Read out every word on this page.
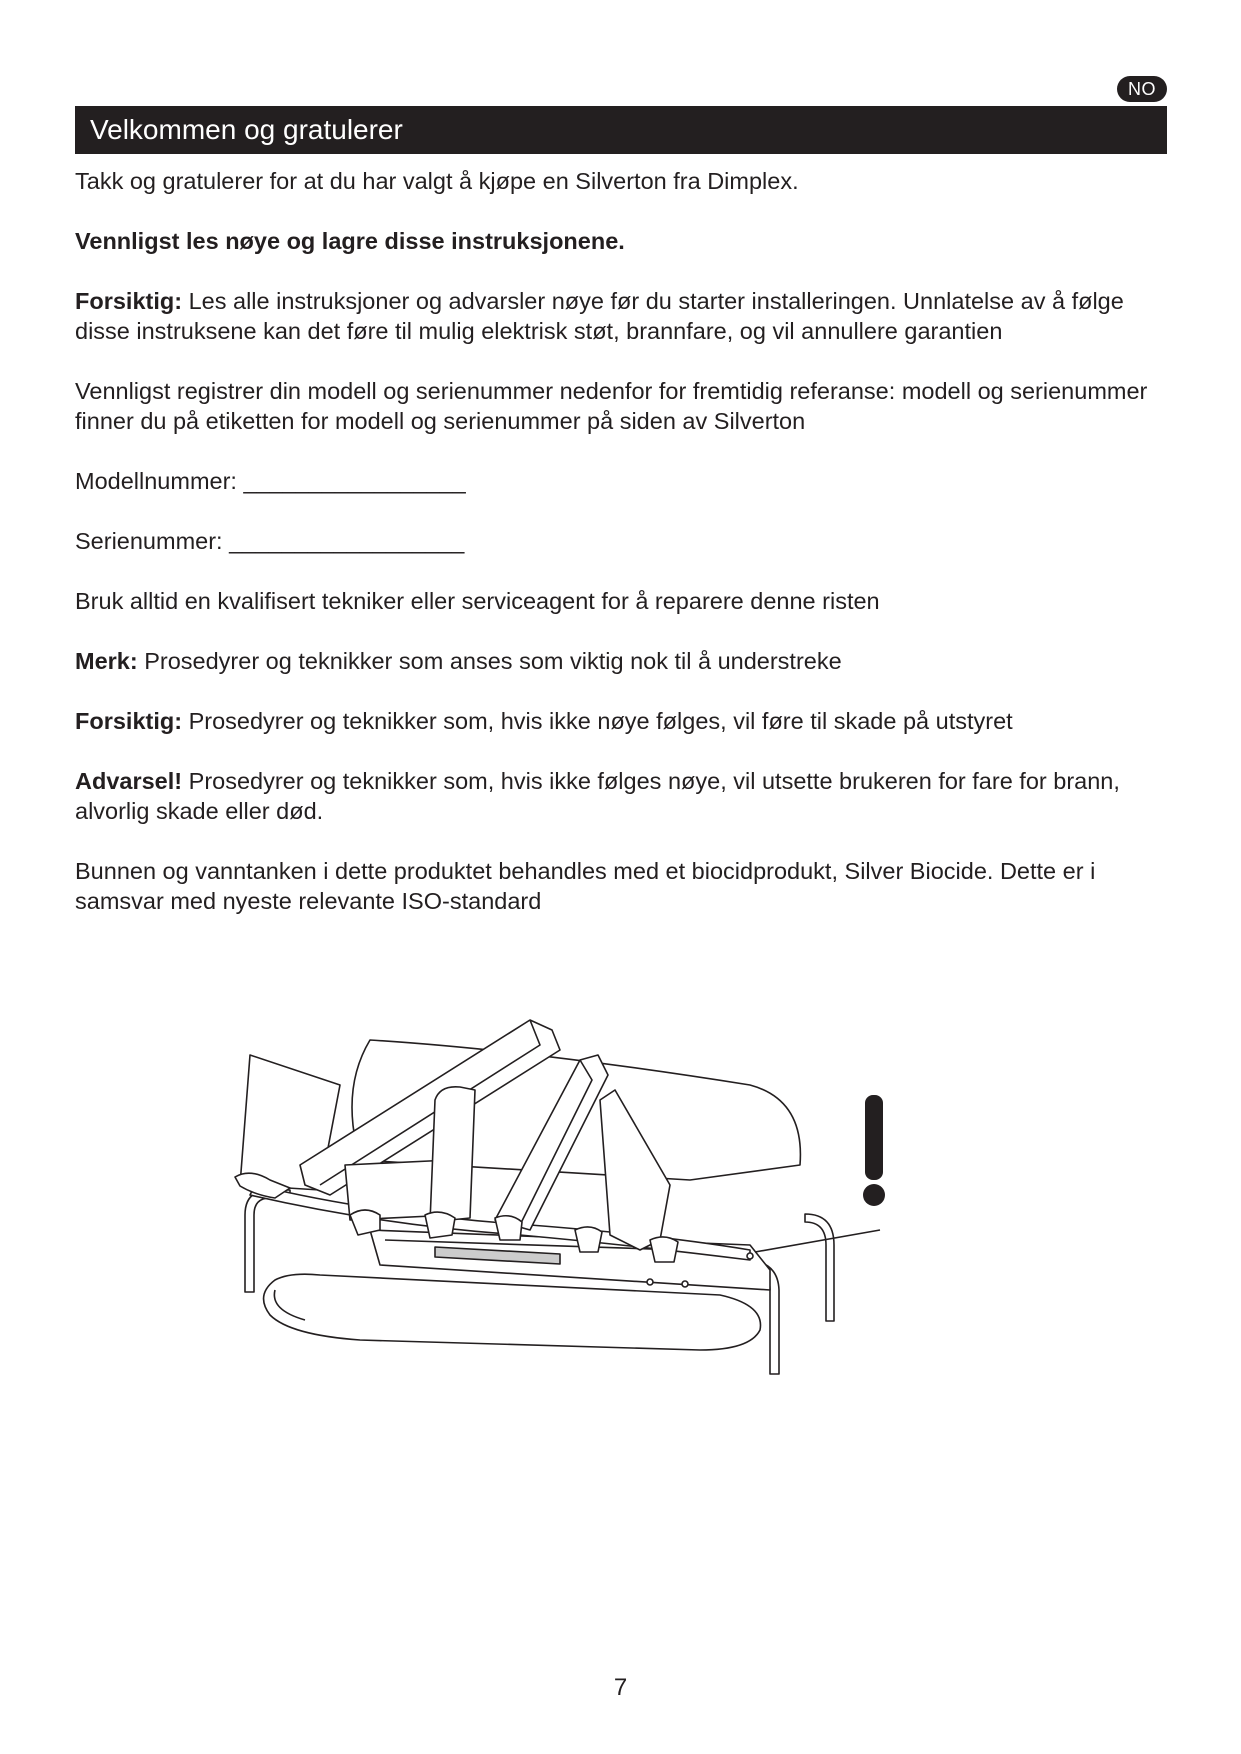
NO
Velkommen og gratulerer

Takk og gratulerer for at du har valgt å kjøpe en Silverton fra Dimplex.

Vennligst les nøye og lagre disse instruksjonene.

Forsiktig: Les alle instruksjoner og advarsler nøye før du starter installeringen. Unnlatelse av å følge disse instruksene kan det føre til mulig elektrisk støt, brannfare, og vil annullere garantien

Vennligst registrer din modell og serienummer nedenfor for fremtidig referanse: modell og serienummer finner du på etiketten for modell og serienummer på siden av Silverton

Modellnummer: _________________

Serienummer: __________________

Bruk alltid en kvalifisert tekniker eller serviceagent for å reparere denne risten

Merk: Prosedyrer og teknikker som anses som viktig nok til å understreke

Forsiktig: Prosedyrer og teknikker som, hvis ikke nøye følges, vil føre til skade på utstyret

Advarsel! Prosedyrer og teknikker som, hvis ikke følges nøye, vil utsette brukeren for fare for brann, alvorlig skade eller død.

Bunnen og vanntanken i dette produktet behandles med et biocidprodukt, Silver Biocide. Dette er i samsvar med nyeste relevante ISO-standard

7
